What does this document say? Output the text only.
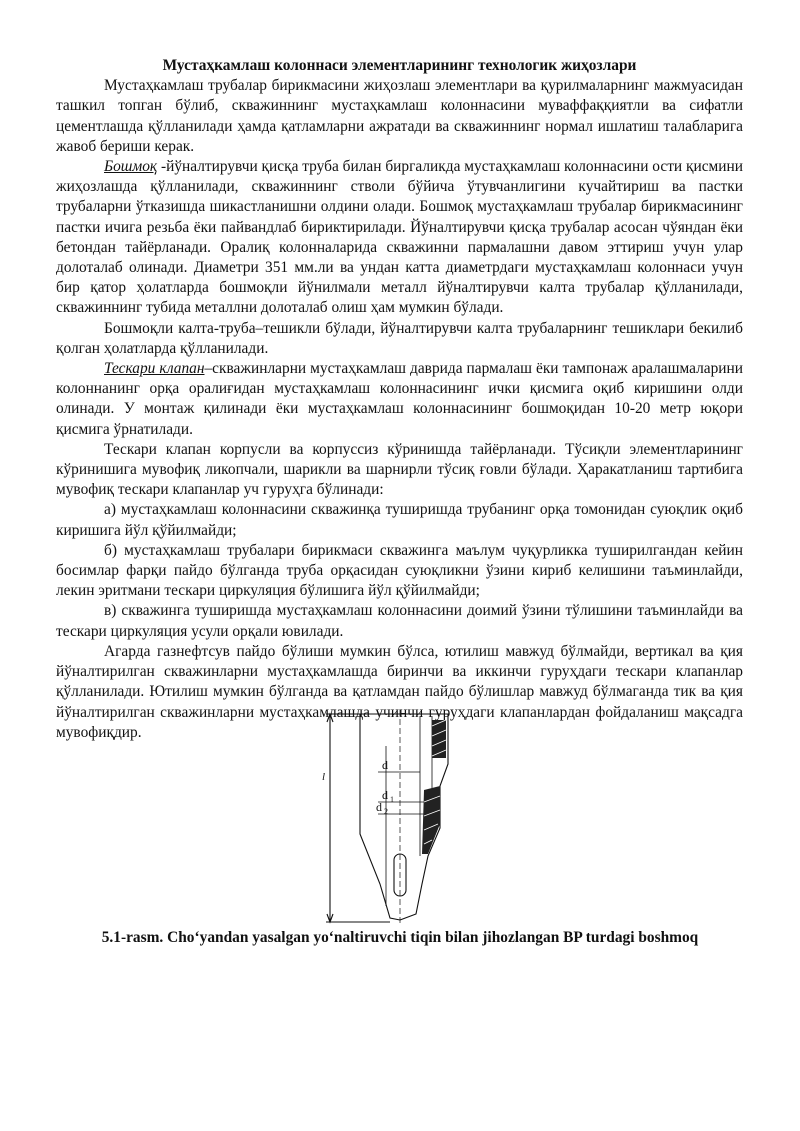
Мустаҳкамлаш колоннаси элементларининг технологик жиҳозлари

Мустаҳкамлаш трубалар бирикмасини жиҳозлаш элементлари ва қурилмаларнинг мажмуасидан ташкил топган бўлиб, скважиннинг мустаҳкамлаш колоннасини муваффаққиятли ва сифатли цементлашда қўлланилади ҳамда қатламларни ажратади ва скважиннинг нормал ишлатиш талабларига жавоб бериши керак.

Бошмоқ -йўналтирувчи қисқа труба билан биргаликда мустаҳкамлаш колоннасини ости қисмини жиҳозлашда қўлланилади, скважиннинг стволи бўйича ўтувчанлигини кучайтириш ва пастки трубаларни ўтказишда шикастланишни олдини олади. Бошмоқ мустаҳкамлаш трубалар бирикмасининг пастки ичига резьба ёки пайвандлаб бириктирилади. Йўналтирувчи қисқа трубалар асосан чўяндан ёки бетондан тайёрланади. Оралиқ колонналарида скважинни пармалашни давом эттириш учун улар долоталаб олинади. Диаметри 351 мм.ли ва ундан катта диаметрдаги мустаҳкамлаш колоннаси учун бир қатор ҳолатларда бошмоқли йўнилмали металл йўналтирувчи калта трубалар қўлланилади, скважиннинг тубида металлни долоталаб олиш ҳам мумкин бўлади.

Бошмоқли калта-труба–тешикли бўлади, йўналтирувчи калта трубаларнинг тешиклари бекилиб қолган ҳолатларда қўлланилади.

Тескари клапан–скважинларни мустаҳкамлаш даврида пармалаш ёки тампонаж аралашмаларини колоннанинг орқа оралиғидан мустаҳкамлаш колоннасининг ички қисмига оқиб киришини олди олинади. У монтаж қилинади ёки мустаҳкамлаш колоннасининг бошмоқидан 10-20 метр юқори қисмига ўрнатилади.

Тескари клапан корпусли ва корпуссиз кўринишда тайёрланади. Тўсиқли элементларининг кўринишига мувофиқ ликопчали, шарикли ва шарнирли тўсиқ ғовли бўлади. Ҳаракатланиш тартибига мувофиқ тескари клапанлар уч гуруҳга бўлинади:

а) мустаҳкамлаш колоннасини скважинқа туширишда трубанинг орқа томонидан суюқлик оқиб киришига йўл қўйилмайди;

б) мустаҳкамлаш трубалари бирикмаси скважинга маълум чуқурликка туширилгандан кейин босимлар фарқи пайдо бўлганда труба орқасидан суюқликни ўзини кириб келишини таъминлайди, лекин эритмани тескари циркуляция бўлишига йўл қўйилмайди;

в) скважинга туширишда мустаҳкамлаш колоннасини доимий ўзини тўлишини таъминлайди ва тескари циркуляция усули орқали ювилади.

Агарда газнефтсув пайдо бўлиши мумкин бўлса, ютилиш мавжуд бўлмайди, вертикал ва қия йўналтирилган скважинларни мустаҳкамлашда биринчи ва иккинчи гуруҳдаги тескари клапанлар қўлланилади. Ютилиш мумкин бўлганда ва қатламдан пайдо бўлишлар мавжуд бўлмаганда тик ва қия йўналтирилган скважинларни мустаҳкамлашда учинчи гуруҳдаги клапанлардан фойдаланиш мақсадга мувофиқдир.

l
d
d 1
d 2
5.1-rasm. Cho‘yandan yasalgan yo‘naltiruvchi tiqin bilan jihozlangan BP turdagi boshmoq
